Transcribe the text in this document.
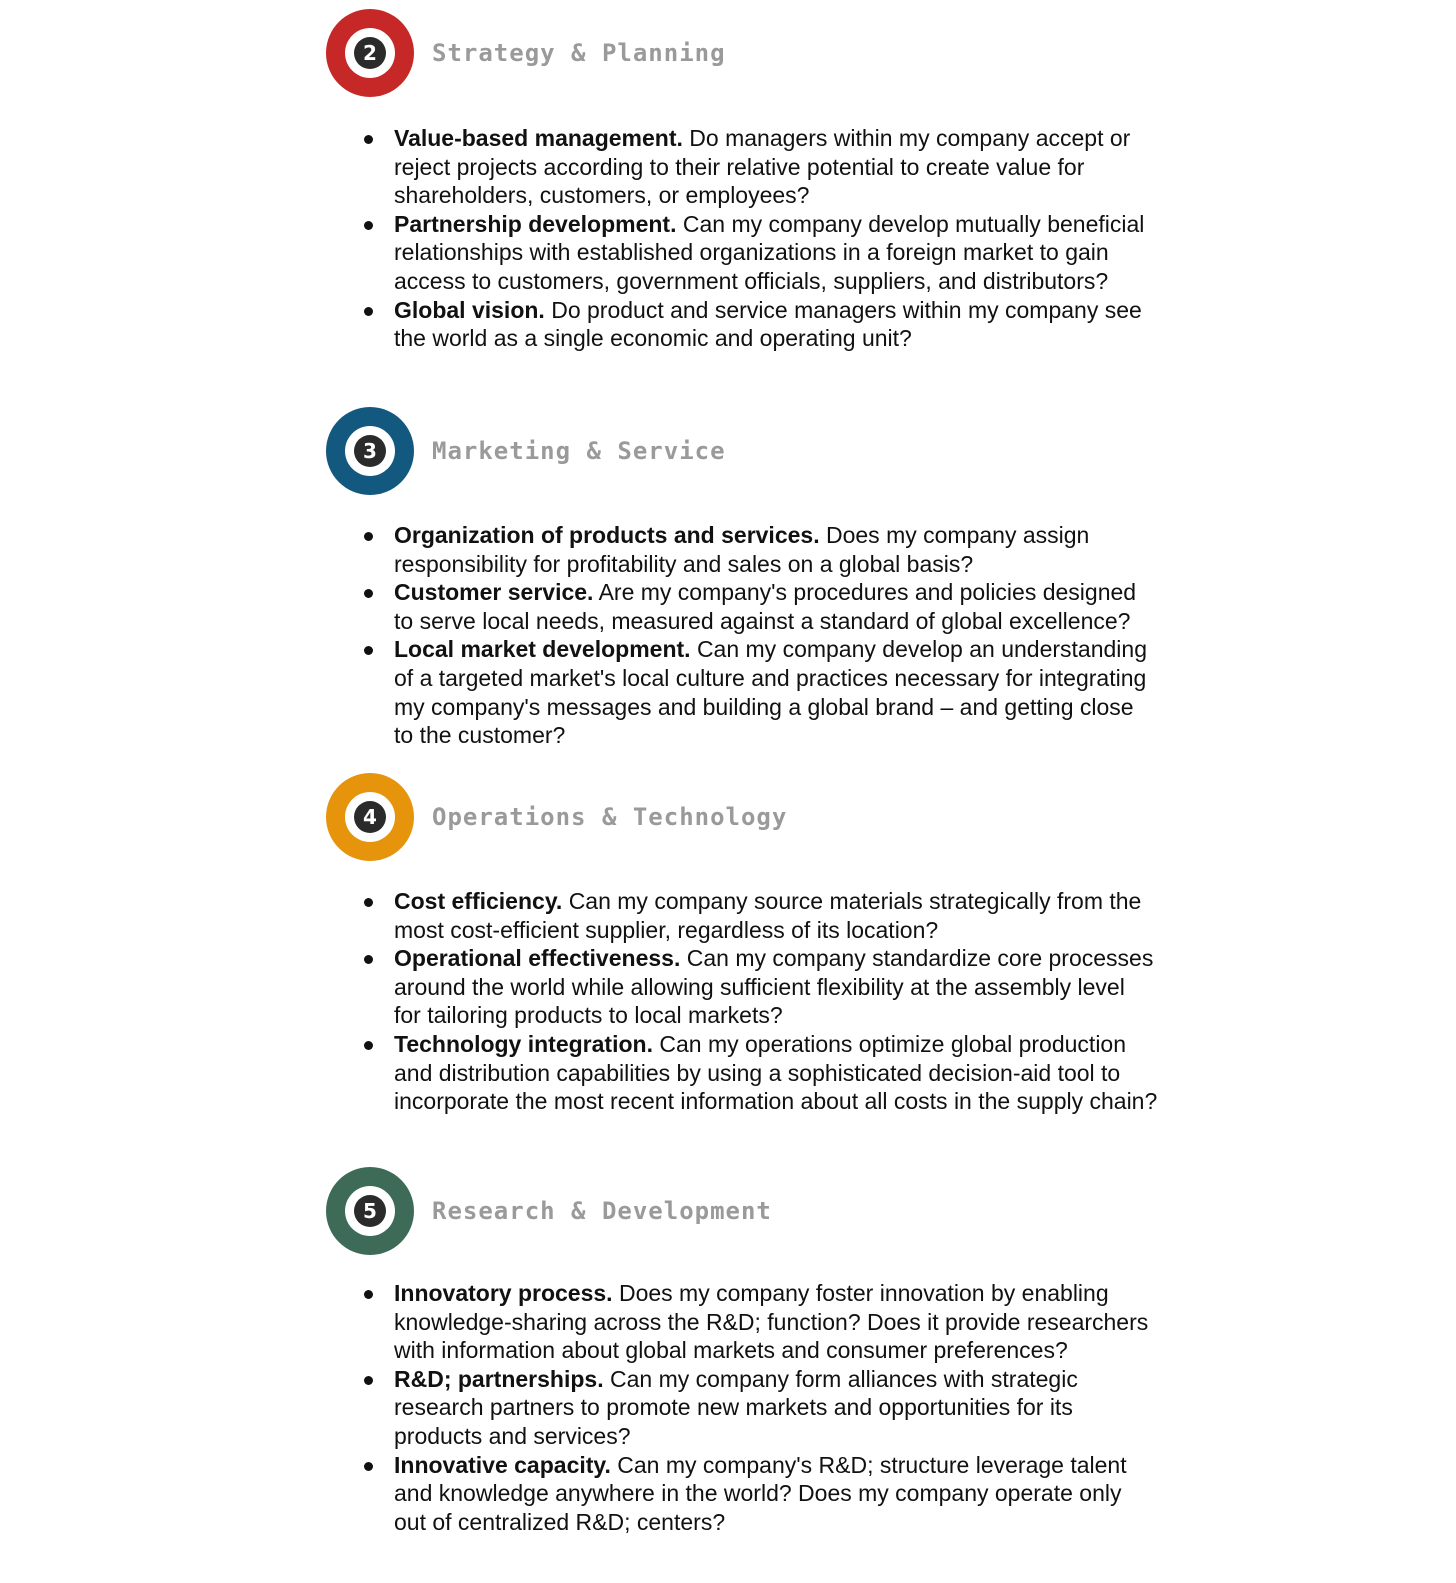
2	Strategy & Planning
Value-based management. Do managers within my company accept or reject projects according to their relative potential to create value for shareholders, customers, or employees?
Partnership development. Can my company develop mutually beneficial relationships with established organizations in a foreign market to gain access to customers, government officials, suppliers, and distributors?
Global vision. Do product and service managers within my company see the world as a single economic and operating unit?
3	Marketing & Service
Organization of products and services. Does my company assign responsibility for profitability and sales on a global basis?
Customer service. Are my company's procedures and policies designed to serve local needs, measured against a standard of global excellence?
Local market development. Can my company develop an understanding of a targeted market's local culture and practices necessary for integrating my company's messages and building a global brand – and getting close to the customer?
4	Operations & Technology
Cost efficiency. Can my company source materials strategically from the most cost-efficient supplier, regardless of its location?
Operational effectiveness. Can my company standardize core processes around the world while allowing sufficient flexibility at the assembly level for tailoring products to local markets?
Technology integration. Can my operations optimize global production and distribution capabilities by using a sophisticated decision-aid tool to incorporate the most recent information about all costs in the supply chain?
5	Research & Development
Innovatory process. Does my company foster innovation by enabling knowledge-sharing across the R&D; function? Does it provide researchers with information about global markets and consumer preferences?
R&D; partnerships. Can my company form alliances with strategic research partners to promote new markets and opportunities for its products and services?
Innovative capacity. Can my company's R&D; structure leverage talent and knowledge anywhere in the world? Does my company operate only out of centralized R&D; centers?
